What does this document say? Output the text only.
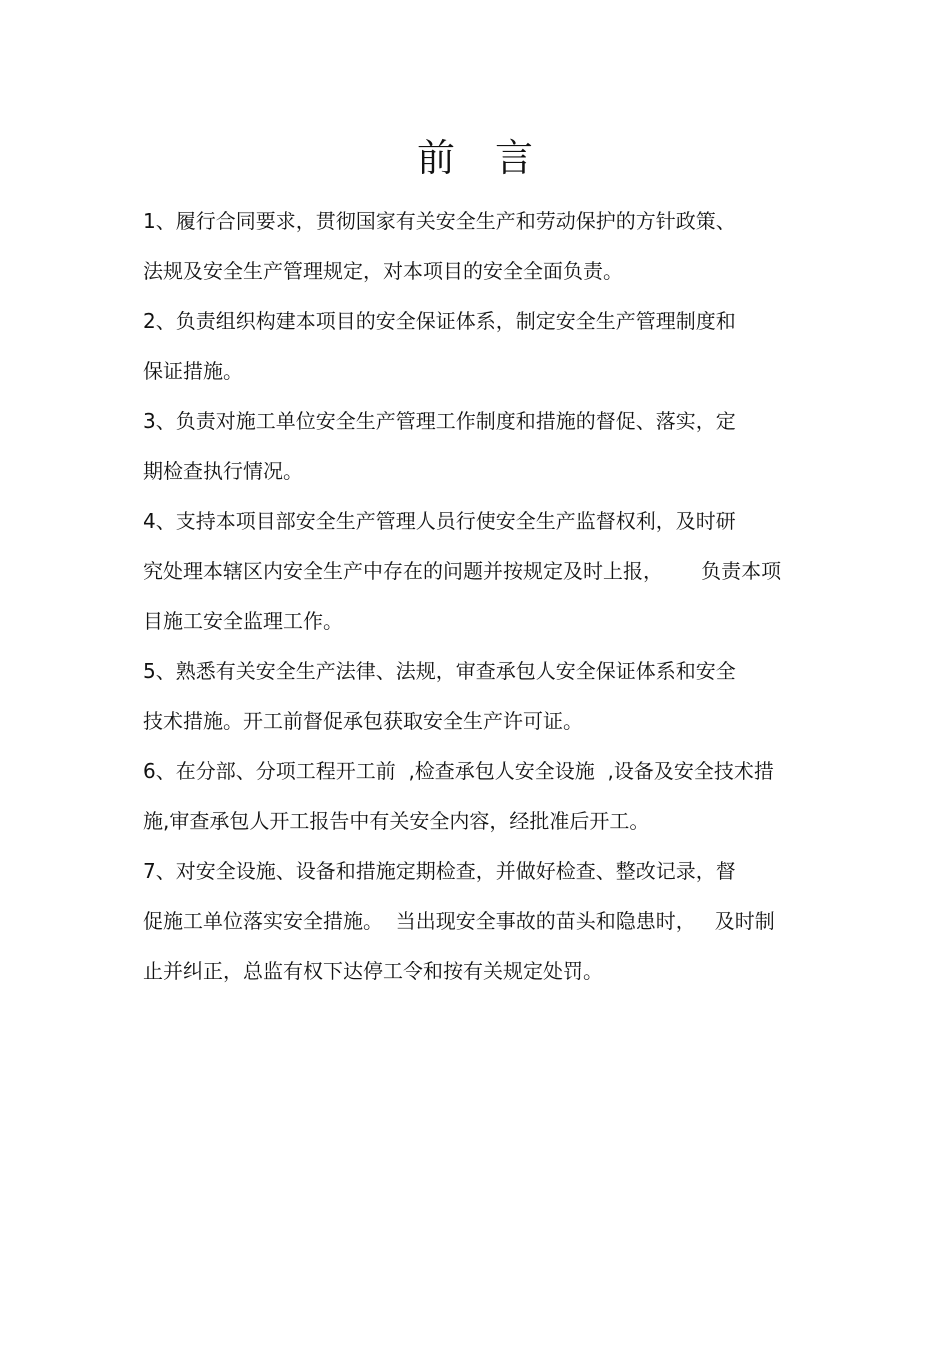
前言
1、履行合同要求，贯彻国家有关安全生产和劳动保护的方针政策、
法规及安全生产管理规定，对本项目的安全全面负责。
2、负责组织构建本项目的安全保证体系，制定安全生产管理制度和
保证措施。
3、负责对施工单位安全生产管理工作制度和措施的督促、落实，定
期检查执行情况。
4、支持本项目部安全生产管理人员行使安全生产监督权利，及时研
究处理本辖区内安全生产中存在的问题并按规定及时上报，      负责本项
目施工安全监理工作。
5、熟悉有关安全生产法律、法规，审查承包人安全保证体系和安全
技术措施。开工前督促承包获取安全生产许可证。
6、在分部、分项工程开工前  ,检查承包人安全设施  ,设备及安全技术措
施,审查承包人开工报告中有关安全内容，经批准后开工。
7、对安全设施、设备和措施定期检查，并做好检查、整改记录，督
促施工单位落实安全措施。  当出现安全事故的苗头和隐患时，   及时制
止并纠正，总监有权下达停工令和按有关规定处罚。
